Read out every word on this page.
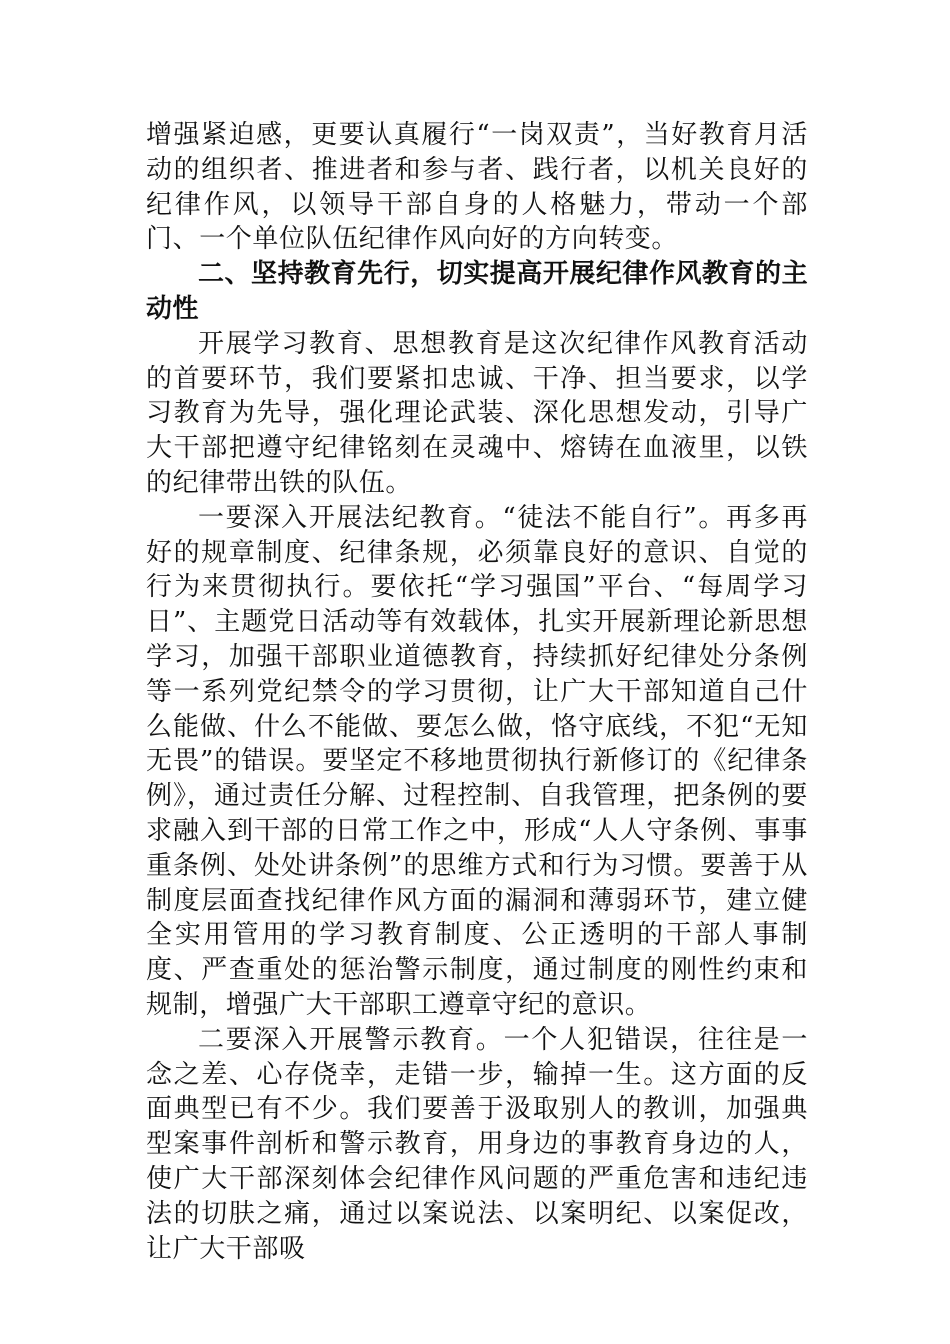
增强紧迫感，更要认真履行“一岗双责”，当好教育月活动的组织者、推进者和参与者、践行者，以机关良好的纪律作风，以领导干部自身的人格魅力，带动一个部门、一个单位队伍纪律作风向好的方向转变。

二、坚持教育先行，切实提高开展纪律作风教育的主动性

开展学习教育、思想教育是这次纪律作风教育活动的首要环节，我们要紧扣忠诚、干净、担当要求，以学习教育为先导，强化理论武装、深化思想发动，引导广大干部把遵守纪律铭刻在灵魂中、熔铸在血液里，以铁的纪律带出铁的队伍。

一要深入开展法纪教育。“徒法不能自行”。再多再好的规章制度、纪律条规，必须靠良好的意识、自觉的行为来贯彻执行。要依托“学习强国”平台、“每周学习日”、主题党日活动等有效载体，扎实开展新理论新思想学习，加强干部职业道德教育，持续抓好纪律处分条例等一系列党纪禁令的学习贯彻，让广大干部知道自己什么能做、什么不能做、要怎么做，恪守底线，不犯“无知无畏”的错误。要坚定不移地贯彻执行新修订的《纪律条例》，通过责任分解、过程控制、自我管理，把条例的要求融入到干部的日常工作之中，形成“人人守条例、事事重条例、处处讲条例”的思维方式和行为习惯。要善于从制度层面查找纪律作风方面的漏洞和薄弱环节，建立健全实用管用的学习教育制度、公正透明的干部人事制度、严查重处的惩治警示制度，通过制度的刚性约束和规制，增强广大干部职工遵章守纪的意识。

二要深入开展警示教育。一个人犯错误，往往是一念之差、心存侥幸，走错一步，输掉一生。这方面的反面典型已有不少。我们要善于汲取别人的教训，加强典型案事件剖析和警示教育，用身边的事教育身边的人，使广大干部深刻体会纪律作风问题的严重危害和违纪违法的切肤之痛，通过以案说法、以案明纪、以案促改，让广大干部吸
